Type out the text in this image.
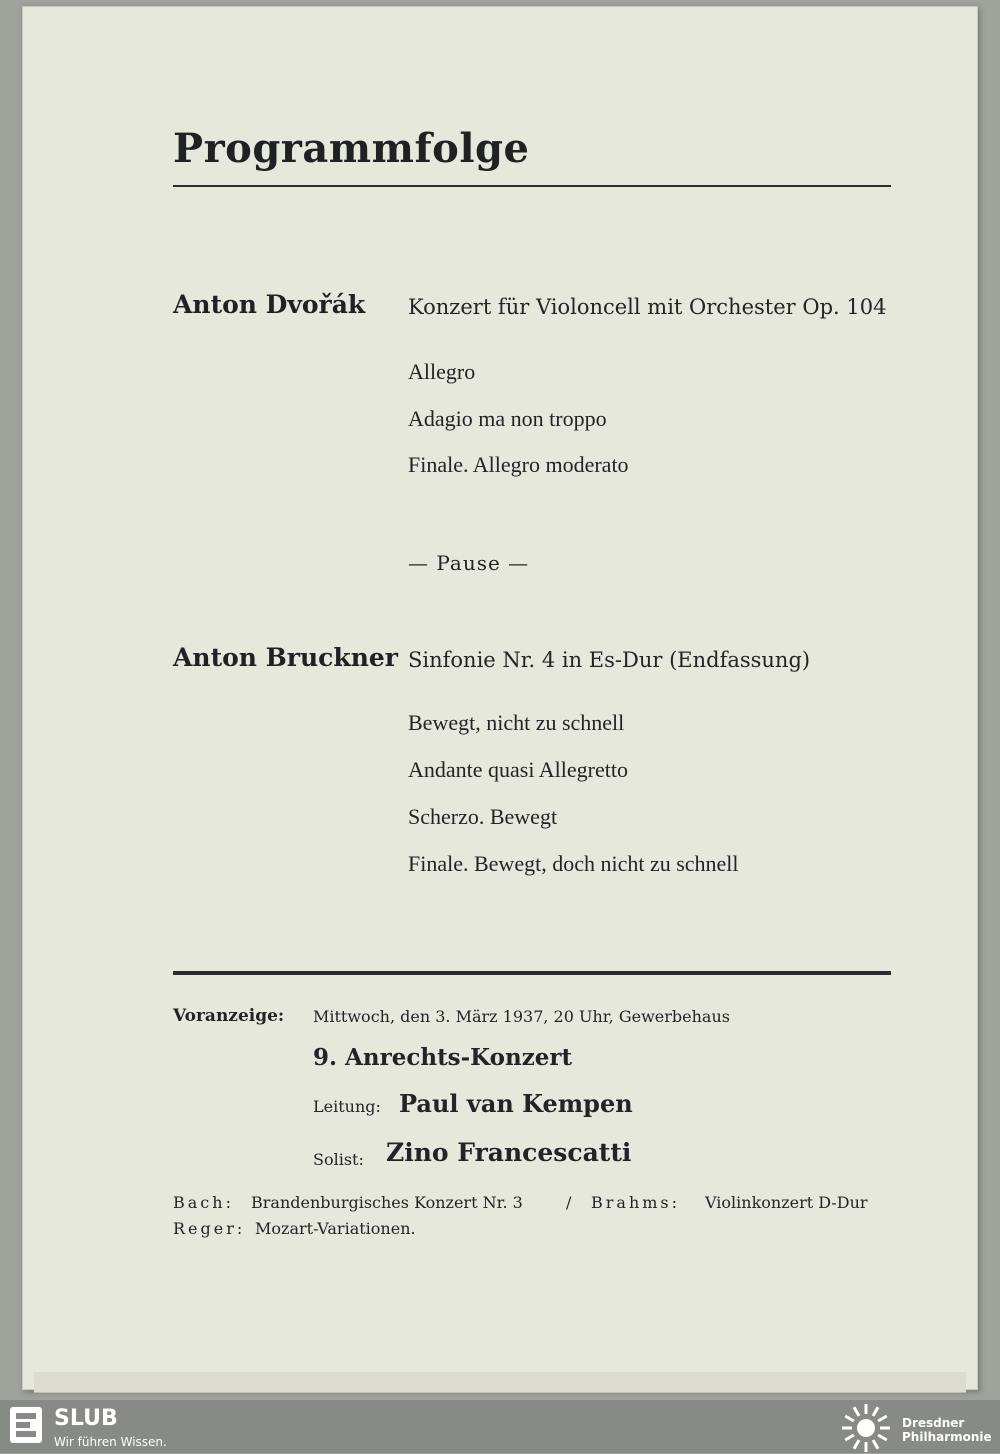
Programmfolge
Anton Dvořák Konzert für Violoncell mit Orchester Op. 104
Allegro
Adagio ma non troppo
Finale. Allegro moderato
— Pause —
Anton Bruckner Sinfonie Nr. 4 in Es-Dur (Endfassung)
Bewegt, nicht zu schnell
Andante quasi Allegretto
Scherzo. Bewegt
Finale. Bewegt, doch nicht zu schnell
Voranzeige: Mittwoch, den 3. März 1937, 20 Uhr, Gewerbehaus
9. Anrechts-Konzert
Leitung: Paul van Kempen
Solist: Zino Francescatti
Bach: Brandenburgisches Konzert Nr. 3	/ Brahms: Violinkonzert D-Dur
Reger: Mozart-Variationen.
SLUB
Wir führen Wissen.
Dresdner
Philharmonie
